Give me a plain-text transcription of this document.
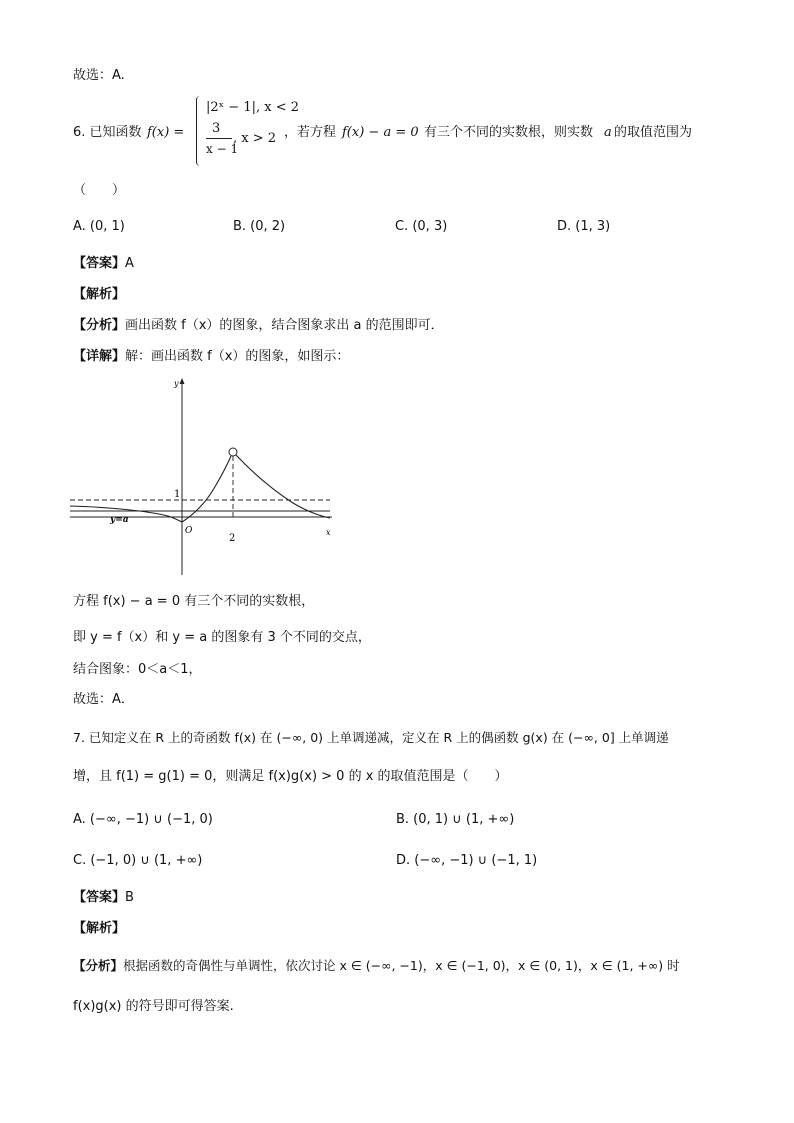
故选：A.
6. 已知函数 f(x) =
|2ˣ − 1|, x < 2
3
x − 1
, x > 2 ，若方程 f(x) − a = 0 有三个不同的实数根，则实数 a 的取值范围为
（　　）
A. (0, 1)	B. (0, 2)	C. (0, 3)	D. (1, 3)
【答案】A
【解析】
【分析】画出函数 f（x）的图象，结合图象求出 a 的范围即可．
【详解】解：画出函数 f（x）的图象，如图示：
y
x
O
2
1
y=a
方程 f(x) − a = 0 有三个不同的实数根，
即 y = f（x）和 y = a 的图象有 3 个不同的交点，
结合图象：0＜a＜1，
故选：A．
7. 已知定义在 R 上的奇函数 f(x) 在 (−∞, 0) 上单调递减，定义在 R 上的偶函数 g(x) 在 (−∞, 0] 上单调递
增，且 f(1) = g(1) = 0，则满足 f(x)g(x) > 0 的 x 的取值范围是（　　）
A. (−∞, −1) ∪ (−1, 0)	B. (0, 1) ∪ (1, +∞)
C. (−1, 0) ∪ (1, +∞)	D. (−∞, −1) ∪ (−1, 1)
【答案】B
【解析】
【分析】根据函数的奇偶性与单调性，依次讨论 x ∈ (−∞, −1)，x ∈ (−1, 0)，x ∈ (0, 1)，x ∈ (1, +∞) 时
f(x)g(x) 的符号即可得答案.
